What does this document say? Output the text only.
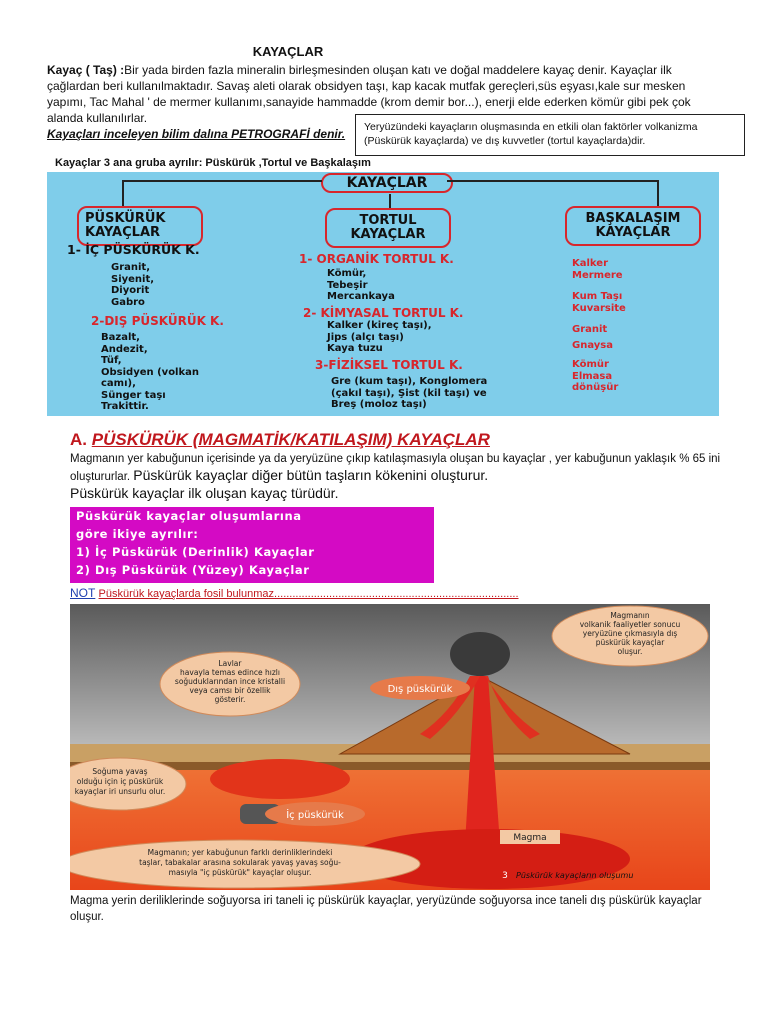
KAYAÇLAR
Kayaç ( Taş) :Bir yada birden fazla mineralin birleşmesinden oluşan katı ve doğal maddelere kayaç denir. Kayaçlar ilk çağlardan beri kullanılmaktadır. Savaş aleti olarak obsidyen taşı, kap kacak mutfak gereçleri,süs eşyası,kale sur mesken yapımı, Tac Mahal ' de mermer kullanımı,sanayide hammadde (krom demir bor...), enerji elde ederken kömür gibi pek çok alanda kullanılırlar.
Kayaçları inceleyen bilim dalına PETROGRAFİ denir.	Yeryüzündeki kayaçların oluşmasında en etkili olan faktörler volkanizma (Püskürük kayaçlarda) ve dış kuvvetler (tortul kayaçlarda)dir.
Kayaçlar 3 ana gruba ayrılır: Püskürük ,Tortul ve Başkalaşım
KAYAÇLAR
PÜSKÜRÜK KAYAÇLAR
1- İÇ PÜSKÜRÜK K.
Granit,
Siyenit,
Diyorit
Gabro
2-DIŞ PÜSKÜRÜK K.
Bazalt,
Andezit,
Tüf,
Obsidyen (volkan
camı),
Sünger taşı
Trakittir.
TORTUL KAYAÇLAR
1- ORGANİK TORTUL K.
Kömür,
Tebeşir
Mercankaya
2- KİMYASAL TORTUL K.
Kalker (kireç taşı),
Jips (alçı taşı)
Kaya tuzu
3-FİZİKSEL TORTUL K.
Gre (kum taşı), Konglomera
(çakıl taşı), Şist (kil taşı) ve
Breş (moloz taşı)
BAŞKALAŞIM KAYAÇLAR
Kalker
Mermere
Kum Taşı
Kuvarsite
Granit
Gnaysa
Kömür
Elmasa
dönüşür
A. PÜSKÜRÜK (MAGMATİK/KATILAŞIM) KAYAÇLAR
Magmanın yer kabuğunun içerisinde ya da yeryüzüne çıkıp katılaşmasıyla oluşan bu kayaçlar , yer kabuğunun yaklaşık % 65 ini oluştururlar. Püskürük kayaçlar diğer bütün taşların kökenini oluşturur.
Püskürük kayaçlar ilk oluşan kayaç türüdür.
Püskürük kayaçlar oluşumlarına
göre ikiye ayrılır:
1) İç Püskürük (Derinlik) Kayaçlar
2) Dış Püskürük (Yüzey) Kayaçlar
NOT Püskürük kayaçlarda fosil bulunmaz................................................................................
Magmanın
volkanik faaliyetler sonucu
yeryüzüne çıkmasıyla dış
püskürük kayaçlar
oluşur.
Lavlar
havayla temas edince hızlı
soğuduklarından ince kristalli
veya camsı bir özellik
gösterir.
Dış püskürük
Soğuma yavaş
olduğu için iç püskürük
kayaçlar iri unsurlu olur.
İç püskürük
Magma
Magmanın; yer kabuğunun farklı derinliklerindeki
taşlar, tabakalar arasına sokularak yavaş yavaş soğu-
masıyla "iç püskürük" kayaçlar oluşur.	3 Püskürük kayaçların oluşumu
Magma yerin deriliklerinde soğuyorsa iri taneli iç püskürük kayaçlar, yeryüzünde soğuyorsa ince taneli dış püskürük kayaçlar oluşur.
